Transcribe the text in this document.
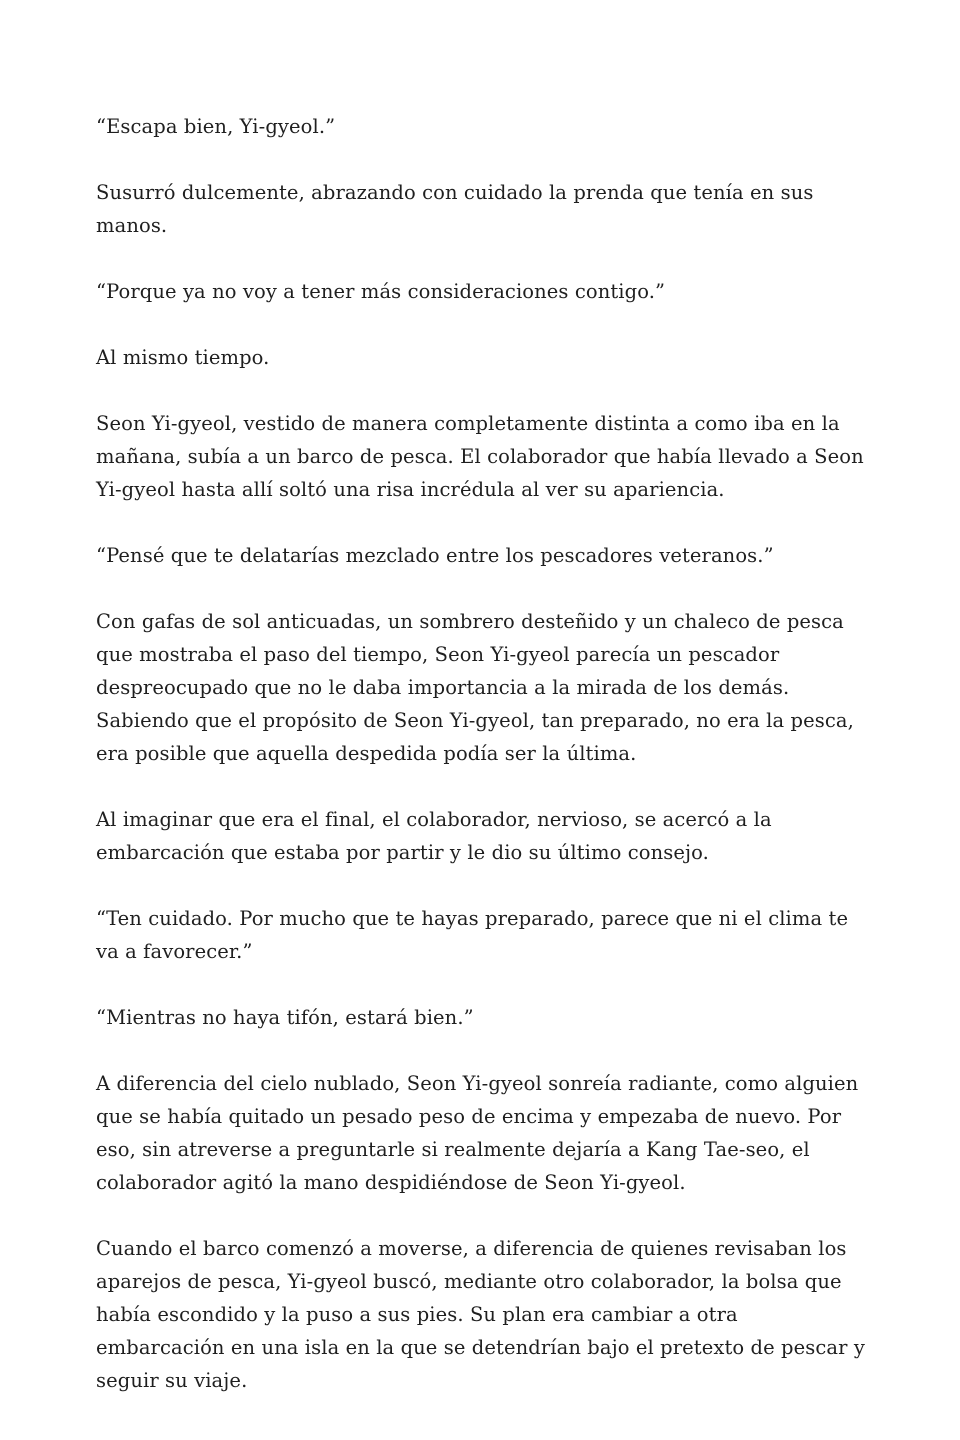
“Escapa bien, Yi-gyeol.”

Susurró dulcemente, abrazando con cuidado la prenda que tenía en sus manos.

“Porque ya no voy a tener más consideraciones contigo.”

Al mismo tiempo.

Seon Yi-gyeol, vestido de manera completamente distinta a como iba en la mañana, subía a un barco de pesca. El colaborador que había llevado a Seon Yi-gyeol hasta allí soltó una risa incrédula al ver su apariencia.

“Pensé que te delatarías mezclado entre los pescadores veteranos.”

Con gafas de sol anticuadas, un sombrero desteñido y un chaleco de pesca que mostraba el paso del tiempo, Seon Yi-gyeol parecía un pescador despreocupado que no le daba importancia a la mirada de los demás. Sabiendo que el propósito de Seon Yi-gyeol, tan preparado, no era la pesca, era posible que aquella despedida podía ser la última.

Al imaginar que era el final, el colaborador, nervioso, se acercó a la embarcación que estaba por partir y le dio su último consejo.

“Ten cuidado. Por mucho que te hayas preparado, parece que ni el clima te va a favorecer.”

“Mientras no haya tifón, estará bien.”

A diferencia del cielo nublado, Seon Yi-gyeol sonreía radiante, como alguien que se había quitado un pesado peso de encima y empezaba de nuevo. Por eso, sin atreverse a preguntarle si realmente dejaría a Kang Tae-seo, el colaborador agitó la mano despidiéndose de Seon Yi-gyeol.

Cuando el barco comenzó a moverse, a diferencia de quienes revisaban los aparejos de pesca, Yi-gyeol buscó, mediante otro colaborador, la bolsa que había escondido y la puso a sus pies. Su plan era cambiar a otra embarcación en una isla en la que se detendrían bajo el pretexto de pescar y seguir su viaje.
